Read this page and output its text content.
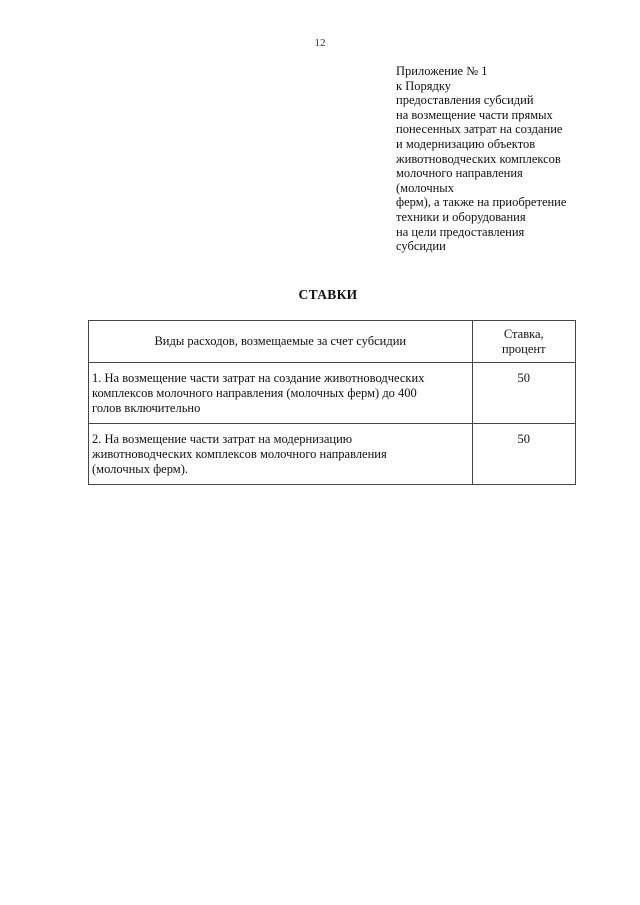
12
Приложение № 1
к Порядку
предоставления субсидий
на возмещение части прямых
понесенных затрат на создание
и модернизацию объектов
животноводческих комплексов
молочного направления
(молочных
ферм), а также на приобретение
техники и оборудования
на цели предоставления
субсидии
СТАВКИ
Виды расходов, возмещаемые за счет субсидии	Ставка,
процент

1. На возмещение части затрат на создание животноводческих
комплексов молочного направления (молочных ферм) до 400
голов включительно	50

2. На возмещение части затрат на модернизацию
животноводческих комплексов молочного направления
(молочных ферм).	50
